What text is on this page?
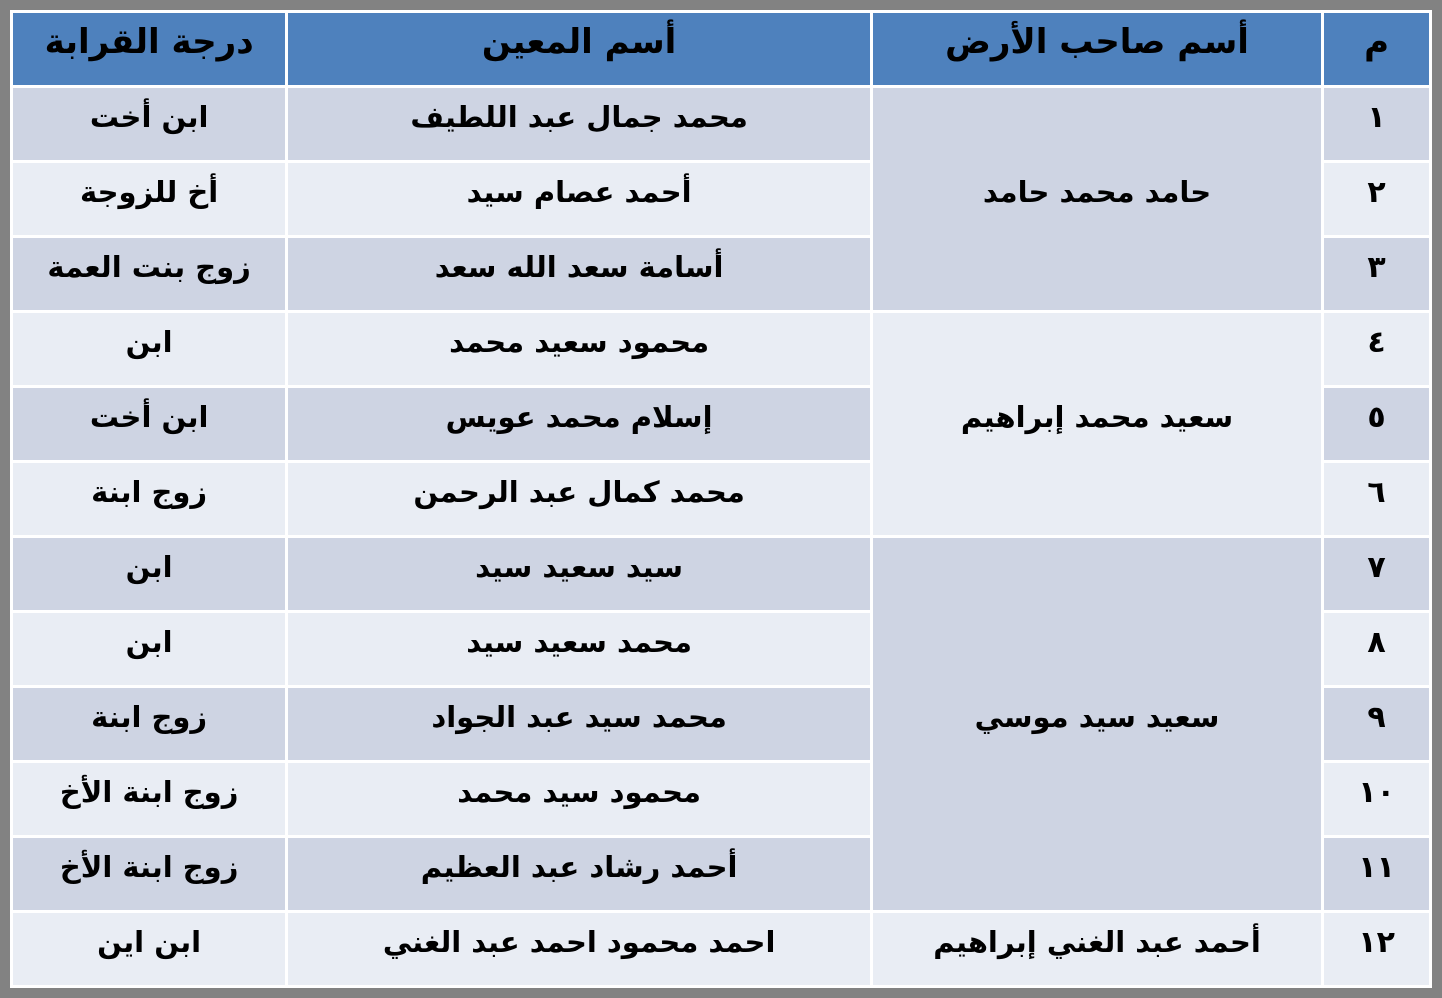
م	أسم صاحب الأرض	أسم المعين	درجة القرابة
١	حامد محمد حامد	محمد جمال عبد اللطيف	ابن أخت
٢		أحمد عصام سيد	أخ للزوجة
٣		أسامة سعد الله سعد	زوج بنت العمة
٤	سعيد محمد إبراهيم	محمود سعيد محمد	ابن
٥		إسلام محمد عويس	ابن أخت
٦		محمد كمال عبد الرحمن	زوج ابنة
٧	سعيد سيد موسي	سيد سعيد سيد	ابن
٨		محمد سعيد سيد	ابن
٩		محمد سيد عبد الجواد	زوج ابنة
١٠		محمود سيد محمد	زوج ابنة الأخ
١١		أحمد رشاد عبد العظيم	زوج ابنة الأخ
١٢	أحمد عبد الغني إبراهيم	احمد محمود احمد عبد الغني	ابن اين
